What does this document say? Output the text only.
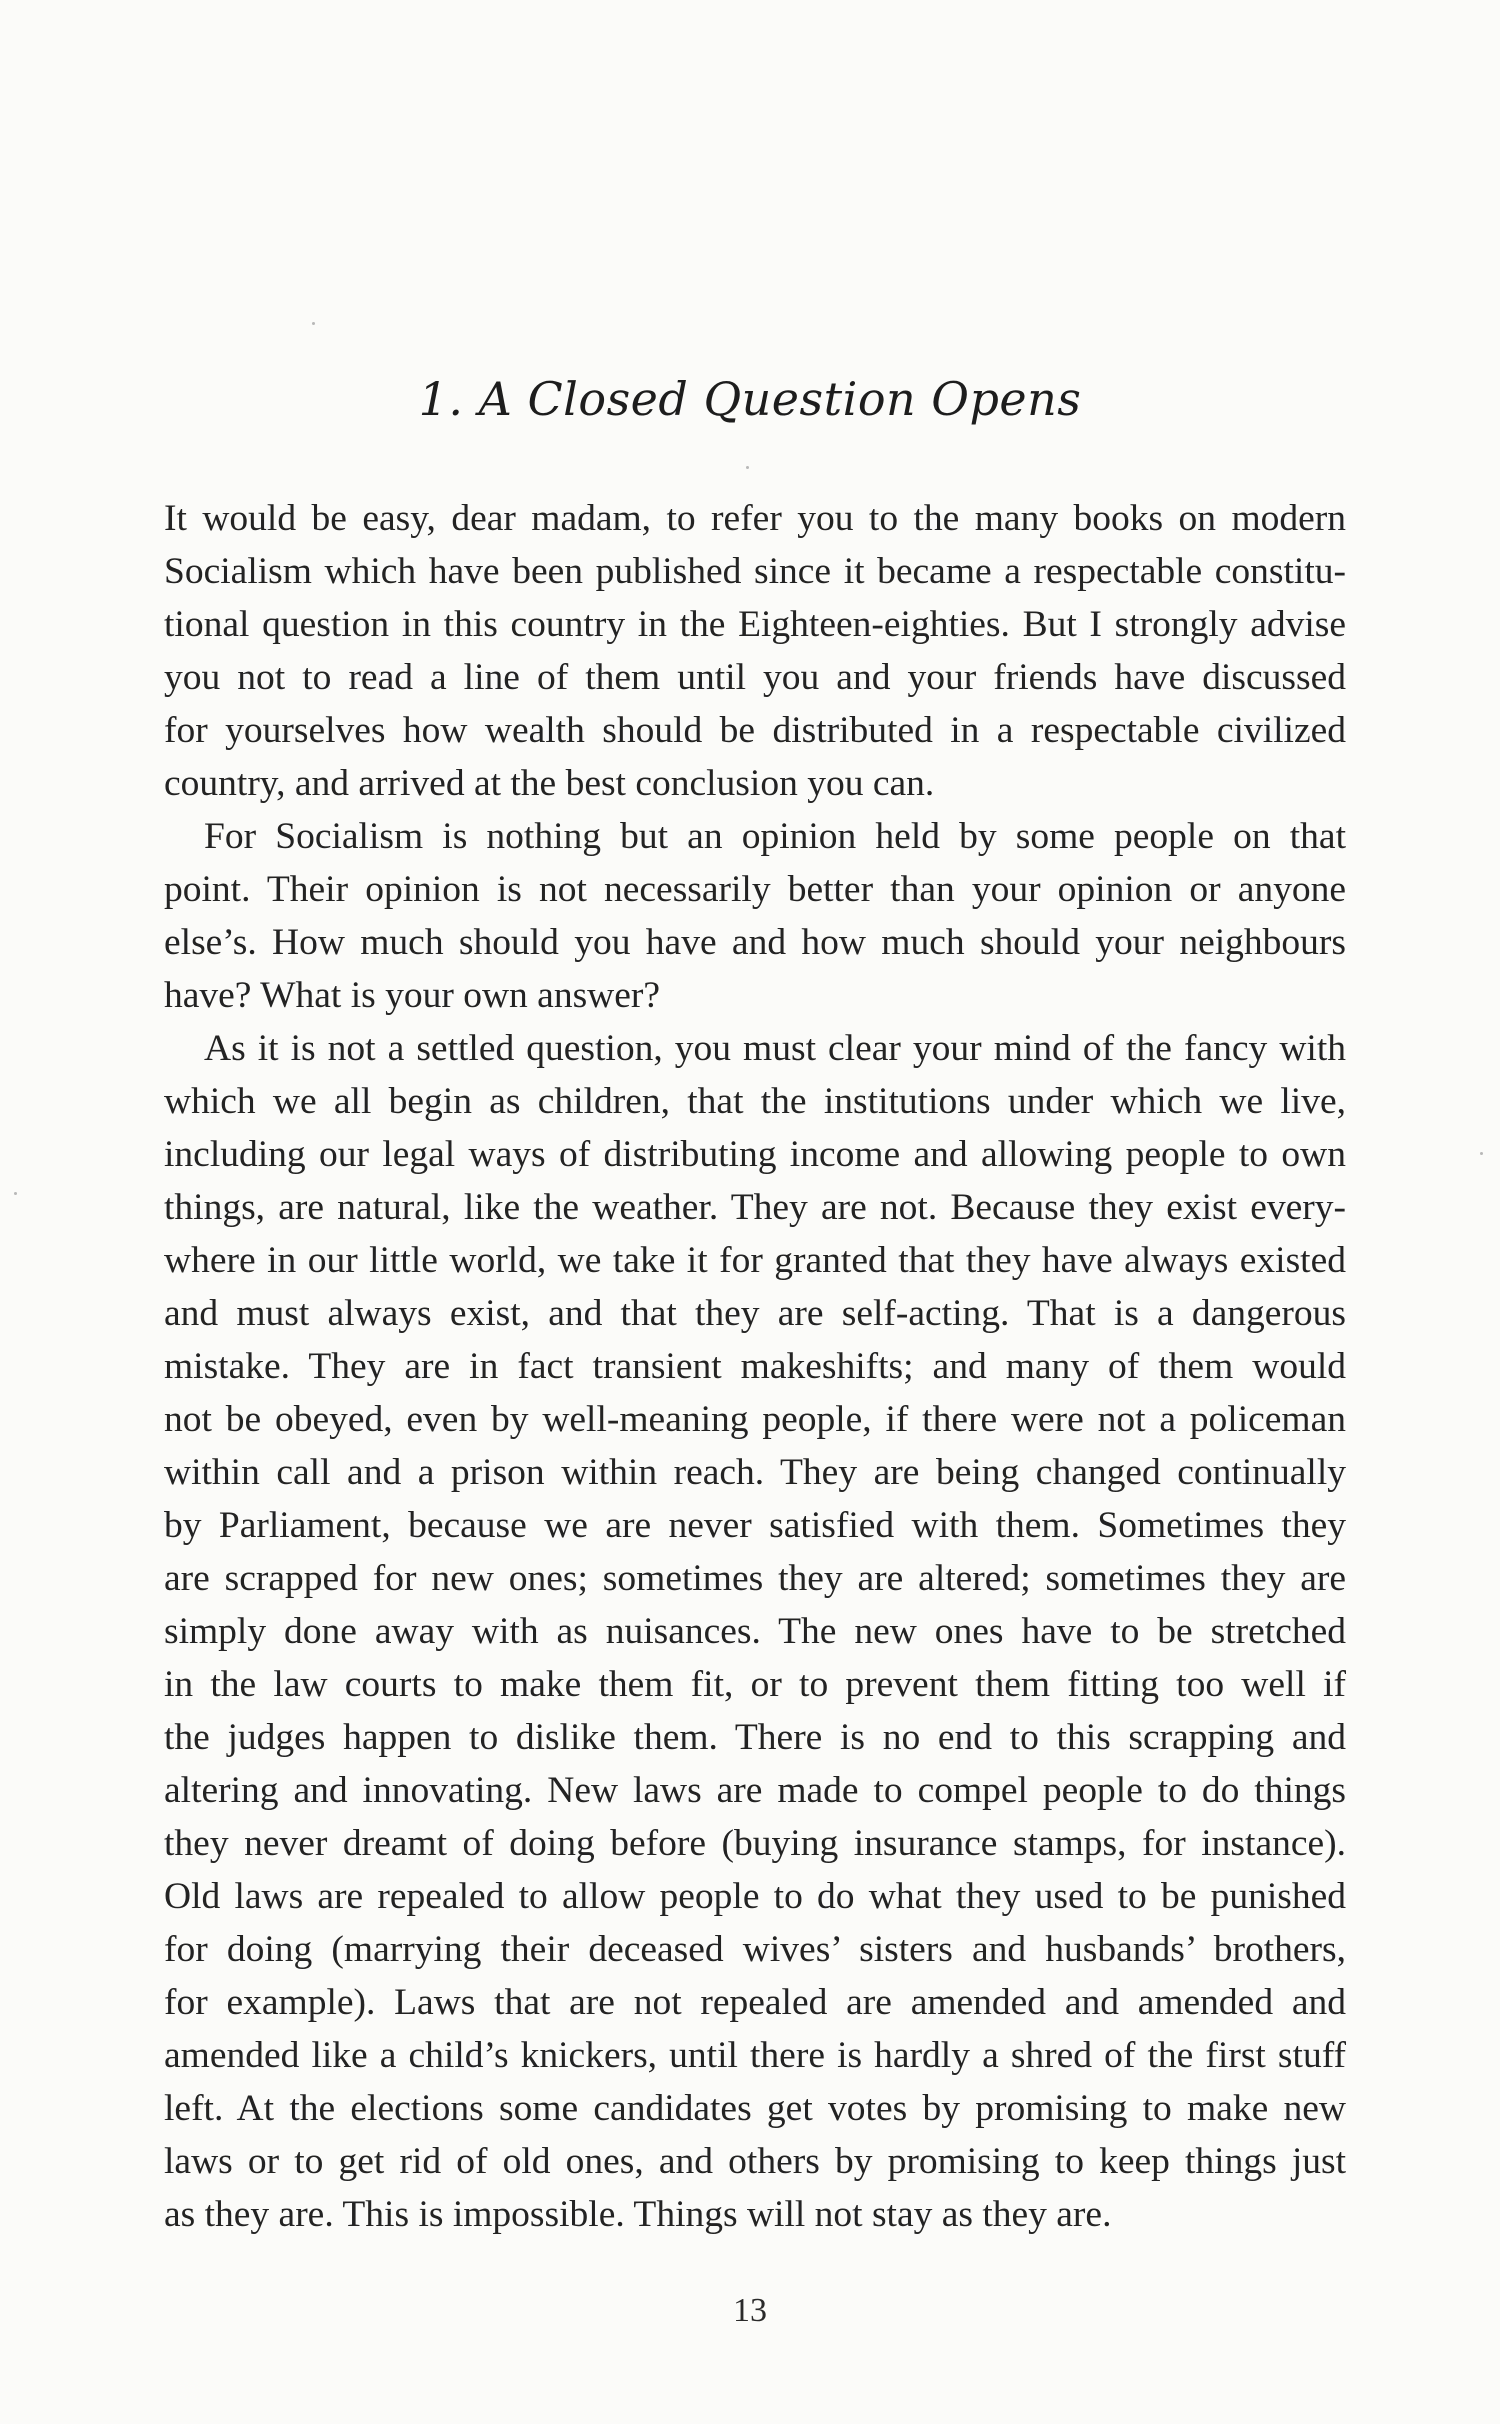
1. A Closed Question Opens
It would be easy, dear madam, to refer you to the many books on modern
Socialism which have been published since it became a respectable constitu-
tional question in this country in the Eighteen-eighties. But I strongly advise
you not to read a line of them until you and your friends have discussed
for yourselves how wealth should be distributed in a respectable civilized
country, and arrived at the best conclusion you can.
For Socialism is nothing but an opinion held by some people on that
point. Their opinion is not necessarily better than your opinion or anyone
else’s. How much should you have and how much should your neighbours
have? What is your own answer?
As it is not a settled question, you must clear your mind of the fancy with
which we all begin as children, that the institutions under which we live,
including our legal ways of distributing income and allowing people to own
things, are natural, like the weather. They are not. Because they exist every-
where in our little world, we take it for granted that they have always existed
and must always exist, and that they are self-acting. That is a dangerous
mistake. They are in fact transient makeshifts; and many of them would
not be obeyed, even by well-meaning people, if there were not a policeman
within call and a prison within reach. They are being changed continually
by Parliament, because we are never satisfied with them. Sometimes they
are scrapped for new ones; sometimes they are altered; sometimes they are
simply done away with as nuisances. The new ones have to be stretched
in the law courts to make them fit, or to prevent them fitting too well if
the judges happen to dislike them. There is no end to this scrapping and
altering and innovating. New laws are made to compel people to do things
they never dreamt of doing before (buying insurance stamps, for instance).
Old laws are repealed to allow people to do what they used to be punished
for doing (marrying their deceased wives’ sisters and husbands’ brothers,
for example). Laws that are not repealed are amended and amended and
amended like a child’s knickers, until there is hardly a shred of the first stuff
left. At the elections some candidates get votes by promising to make new
laws or to get rid of old ones, and others by promising to keep things just
as they are. This is impossible. Things will not stay as they are.
13
